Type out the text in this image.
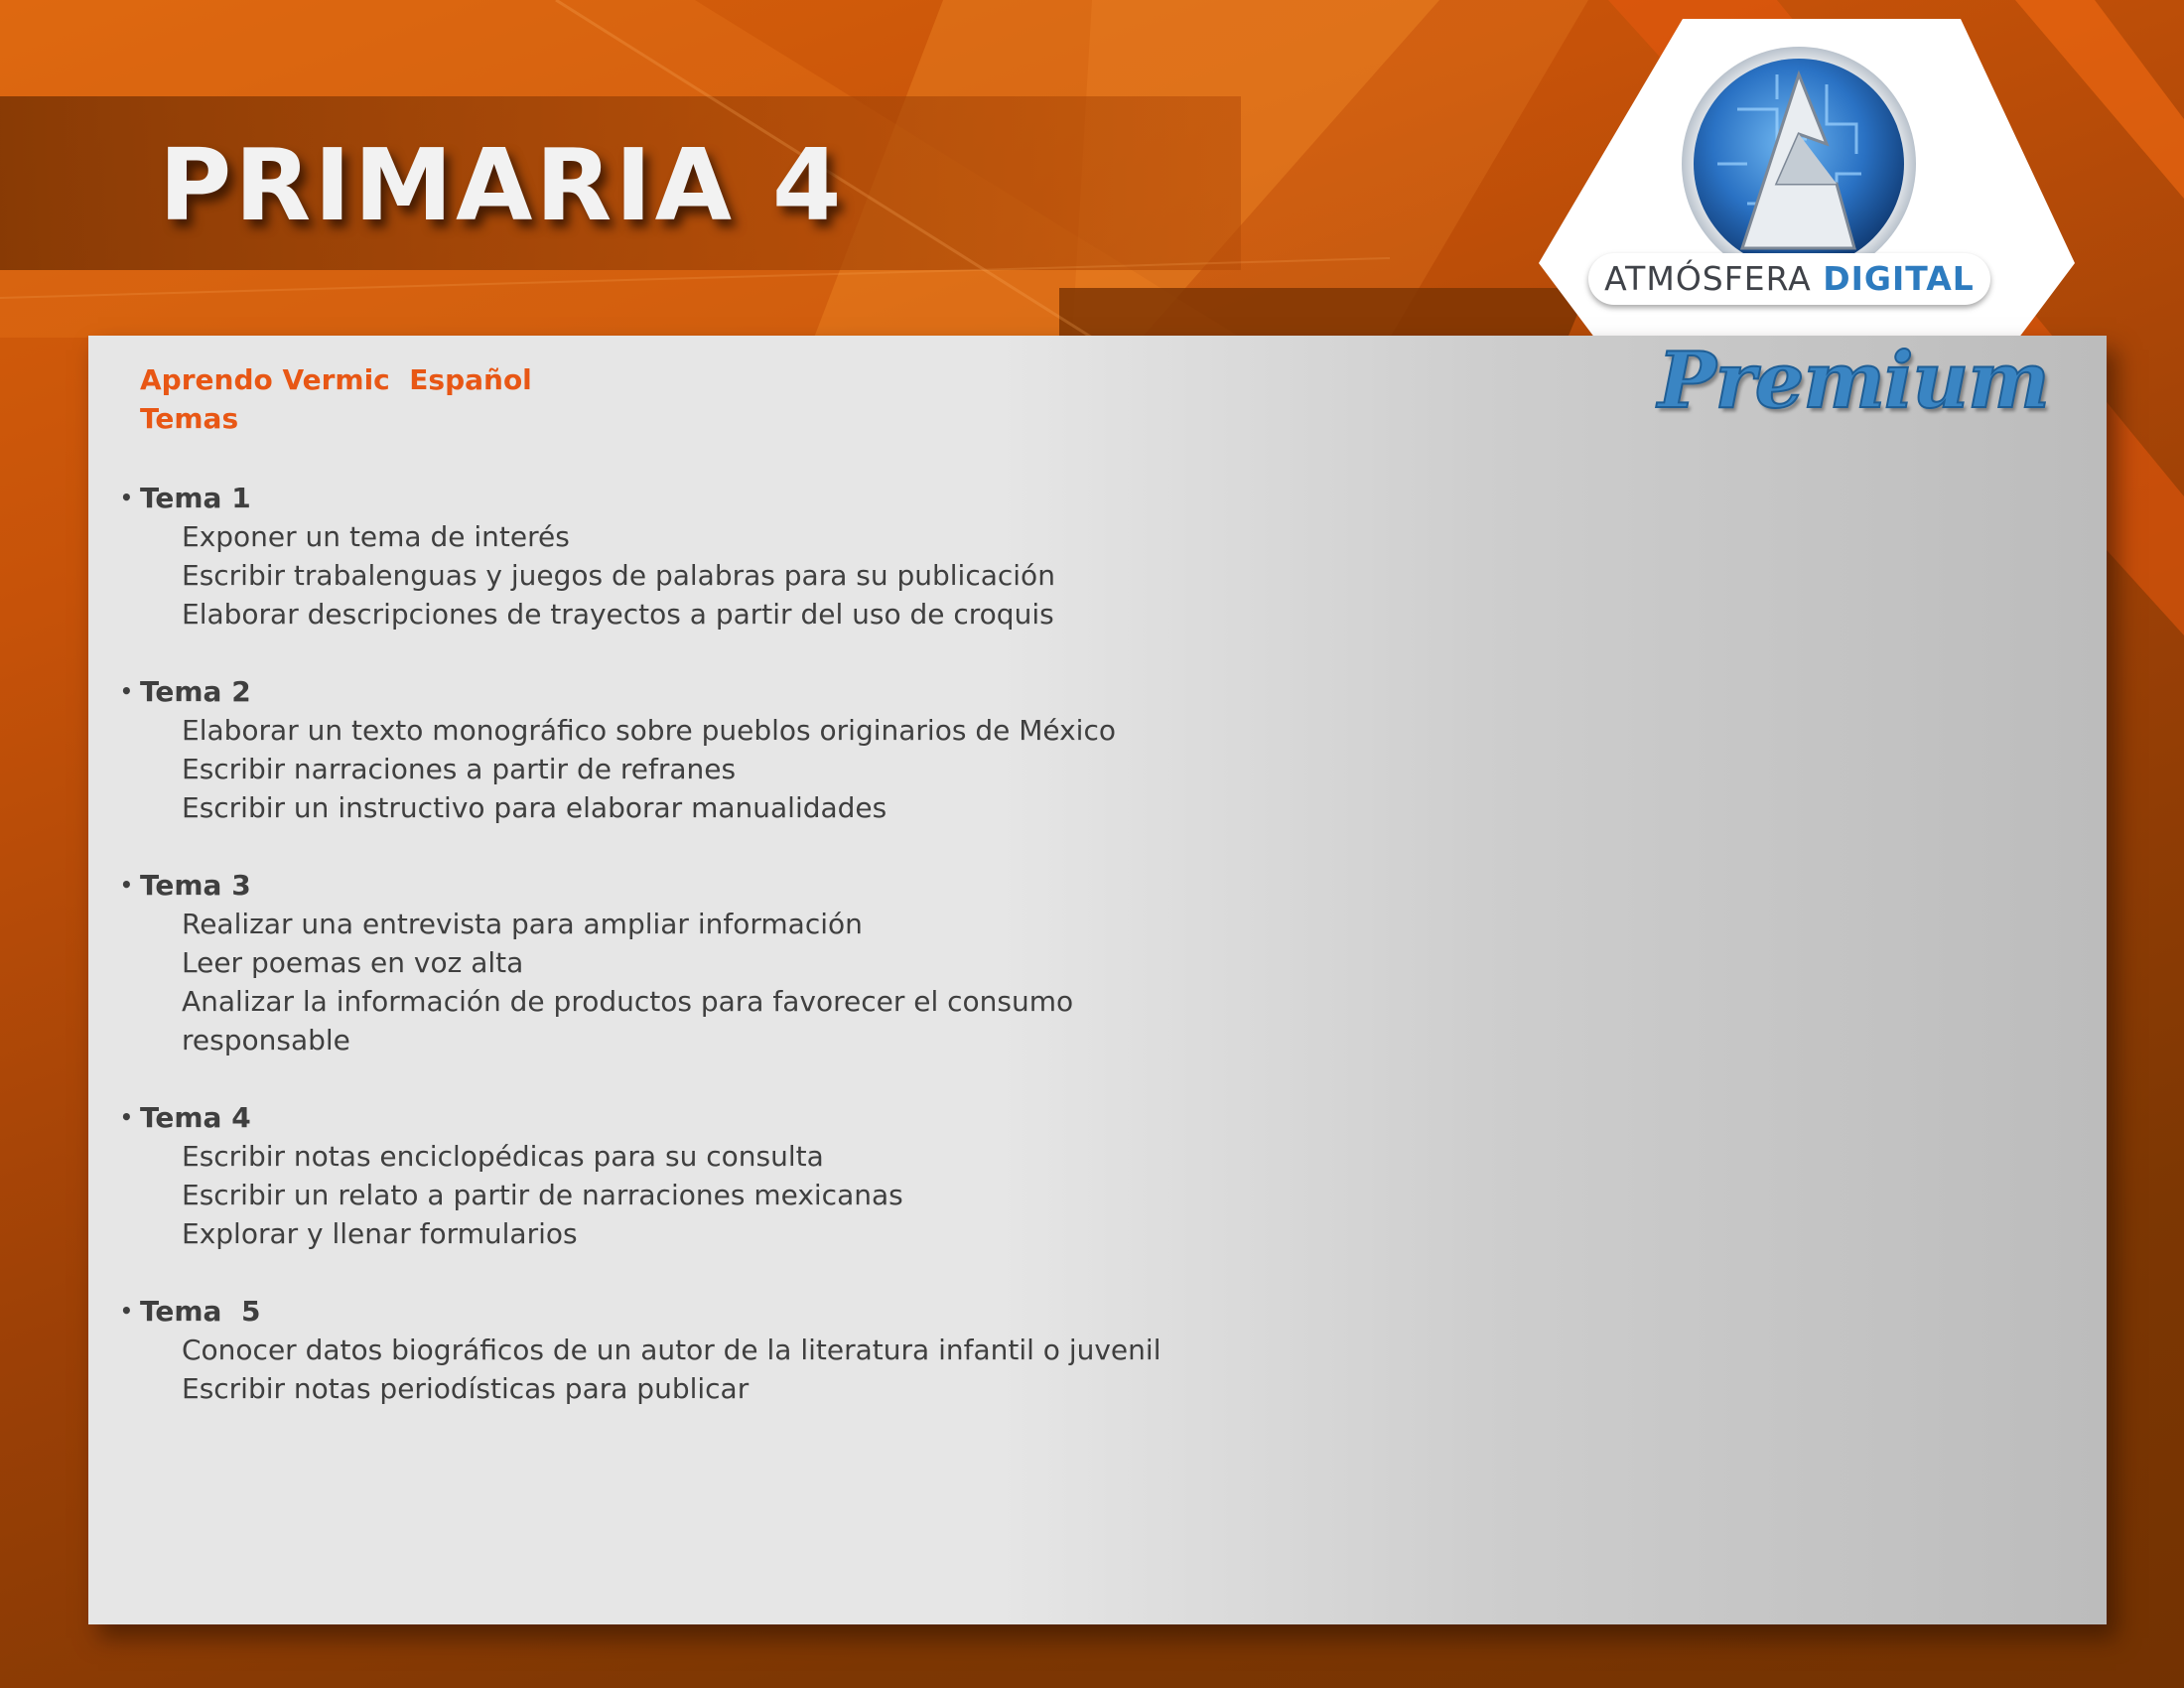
PRIMARIA 4
ATMÓSFERA DIGITAL
Premium
Aprendo Vermic  Español
Temas
• Tema 1
Exponer un tema de interés
Escribir trabalenguas y juegos de palabras para su publicación
Elaborar descripciones de trayectos a partir del uso de croquis
• Tema 2
Elaborar un texto monográfico sobre pueblos originarios de México
Escribir narraciones a partir de refranes
Escribir un instructivo para elaborar manualidades
• Tema 3
Realizar una entrevista para ampliar información
Leer poemas en voz alta
Analizar la información de productos para favorecer el consumo responsable
• Tema 4
Escribir notas enciclopédicas para su consulta
Escribir un relato a partir de narraciones mexicanas
Explorar y llenar formularios
• Tema  5
Conocer datos biográficos de un autor de la literatura infantil o juvenil
Escribir notas periodísticas para publicar
